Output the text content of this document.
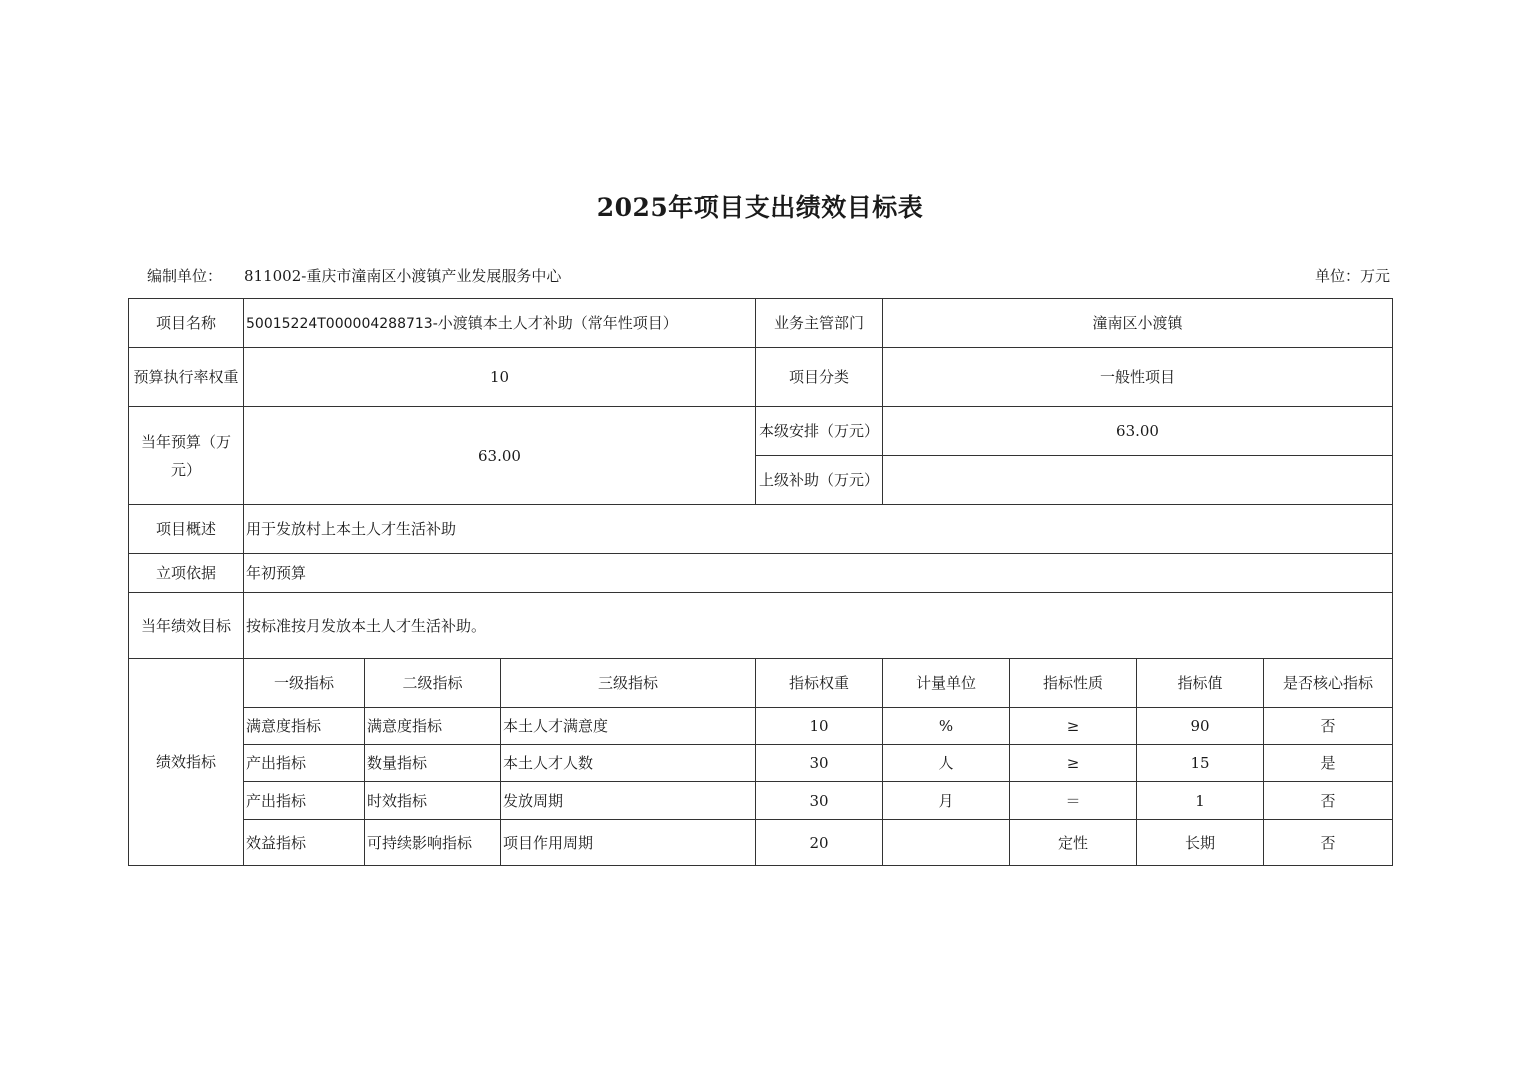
2025年项目支出绩效目标表
编制单位： 811002-重庆市潼南区小渡镇产业发展服务中心	单位：万元
项目名称	50015224T000004288713-小渡镇本土人才补助（常年性项目）			业务主管部门	潼南区小渡镇			
预算执行率权重	10			项目分类	一般性项目			
当年预算（万元）	63.00			本级安排（万元）	63.00			
				上级补助（万元）				
项目概述	用于发放村上本土人才生活补助							
立项依据	年初预算							
当年绩效目标	按标准按月发放本土人才生活补助。							
绩效指标	一级指标	二级指标	三级指标	指标权重	计量单位	指标性质	指标值	是否核心指标
	满意度指标	满意度指标	本土人才满意度	10	%	≥	90	否
	产出指标	数量指标	本土人才人数	30	人	≥	15	是
	产出指标	时效指标	发放周期	30	月	＝	1	否
	效益指标	可持续影响指标	项目作用周期	20		定性	长期	否
